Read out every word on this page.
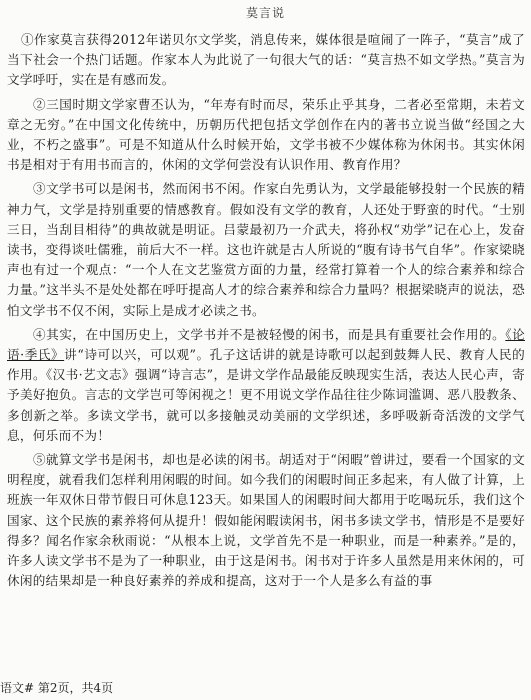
莫言说

①作家莫言获得2012年诺贝尔文学奖，消息传来，媒体很是喧闹了一阵子，“莫言”成了当下社会一个热门话题。作家本人为此说了一句很大气的话：“莫言热不如文学热。”莫言为文学呼吁，实在是有感而发。

②三国时期文学家曹丕认为，“年寿有时而尽，荣乐止乎其身，二者必至常期，未若文章之无穷。”在中国文化传统中，历朝历代把包括文学创作在内的著书立说当做“经国之大业，不朽之盛事”。可是不知道从什么时候开始，文学书被不少媒体称为休闲书。其实休闲书是相对于有用书而言的，休闲的文学何尝没有认识作用、教育作用？

③文学书可以是闲书，然而闲书不闲。作家白先勇认为，文学最能够投射一个民族的精神力气，文学是持别重要的情感教育。假如没有文学的教育，人还处于野蛮的时代。“士别三日，当刮目相待”的典故就是明证。吕蒙最初乃一介武夫，将孙权“劝学”记在心上，发奋读书，变得谈吐儒雅，前后大不一样。这也许就是古人所说的“腹有诗书气自华”。作家梁晓声也有过一个观点：“一个人在文艺鉴赏方面的力量，经常打算着一个人的综合素养和综合力量。”这半头不是处处都在呼吁提高人才的综合素养和综合力量吗？根据梁晓声的说法，恐怕文学书不仅不闲，实际上是成才必读之书。

④其实，在中国历史上，文学书并不是被轻慢的闲书，而是具有重要社会作用的。《论语·季氏》讲“诗可以兴，可以观”。孔子这话讲的就是诗歌可以起到鼓舞人民、教育人民的作用。《汉书·艺文志》强调“诗言志”，是讲文学作品最能反映现实生活，表达人民心声，寄予美好抱负。言志的文学岂可等闲视之！更不用说文学作品往往少陈词滥调、恶八股教条、多创新之举。多读文学书，就可以多接触灵动美丽的文学织述，多呼吸新奇活泼的文学气息，何乐而不为！

⑤就算文学书是闲书，却也是必读的闲书。胡适对于“闲暇”曾讲过，要看一个国家的文明程度，就看我们怎样利用闲暇的时间。如今我们的闲暇时间正多起来，有人做了计算，上班族一年双休日带节假日可休息123天。如果国人的闲暇时间大都用于吃喝玩乐，我们这个国家、这个民族的素养将何从提升！假如能闲暇读闲书，闲书多读文学书，情形是不是要好得多？闻名作家余秋雨说：“从根本上说，文学首先不是一种职业，而是一种素养。”是的，许多人读文学书不是为了一种职业，由于这是闲书。闲书对于许多人虽然是用来休闲的，可休闲的结果却是一种良好素养的养成和提高，这对于一个人是多么有益的事

语文# 第2页，共4页
